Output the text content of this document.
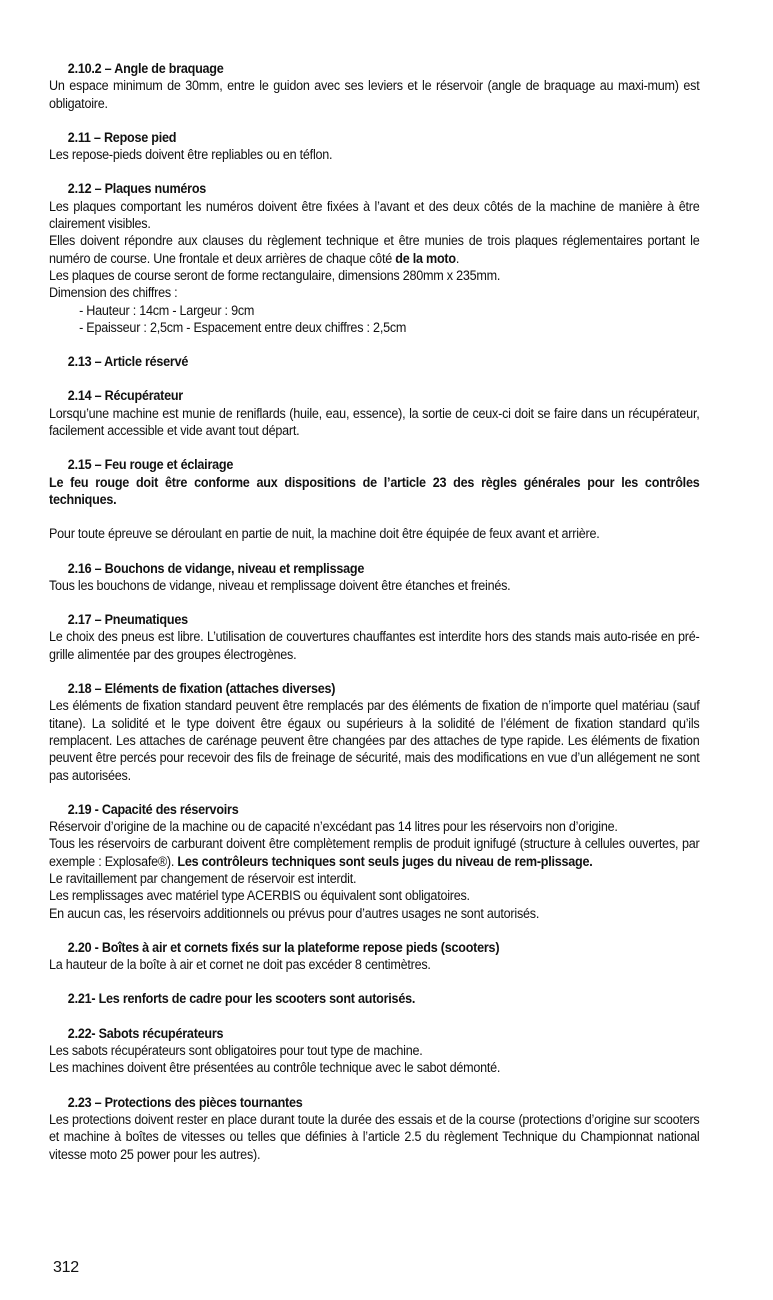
2.10.2 – Angle de braquage

Un espace minimum de 30mm, entre le guidon avec ses leviers et le réservoir (angle de braquage au maxi-mum) est obligatoire.

2.11 – Repose pied

Les repose-pieds doivent être repliables ou en téflon.

2.12 – Plaques numéros

Les plaques comportant les numéros doivent être fixées à l’avant et des deux côtés de la machine de manière à être clairement visibles.

Elles doivent répondre aux clauses du règlement technique et être munies de trois plaques réglementaires portant le numéro de course. Une frontale et deux arrières de chaque côté de la moto.

Les plaques de course seront de forme rectangulaire, dimensions 280mm x 235mm.

Dimension des chiffres :

- Hauteur : 14cm - Largeur : 9cm

- Epaisseur : 2,5cm - Espacement entre deux chiffres : 2,5cm

2.13 – Article réservé

2.14 – Récupérateur

Lorsqu’une machine est munie de reniflards (huile, eau, essence), la sortie de ceux-ci doit se faire dans un récupérateur, facilement accessible et vide avant tout départ.

2.15 – Feu rouge et éclairage

Le feu rouge doit être conforme aux dispositions de l’article 23 des règles générales pour les contrôles techniques.

Pour toute épreuve se déroulant en partie de nuit, la machine doit être équipée de feux avant et arrière.

2.16 – Bouchons de vidange, niveau et remplissage

Tous les bouchons de vidange, niveau et remplissage doivent être étanches et freinés.

2.17 – Pneumatiques

Le choix des pneus est libre. L’utilisation de couvertures chauffantes est interdite hors des stands mais auto-risée en pré-grille alimentée par des groupes électrogènes.

2.18 – Eléments de fixation (attaches diverses)

Les éléments de fixation standard peuvent être remplacés par des éléments de fixation de n’importe quel matériau (sauf titane). La solidité et le type doivent être égaux ou supérieurs à la solidité de l’élément de fixation standard qu’ils remplacent. Les attaches de carénage peuvent être changées par des attaches de type rapide. Les éléments de fixation peuvent être percés pour recevoir des fils de freinage de sécurité, mais des modifications en vue d’un allégement ne sont pas autorisées.

2.19 - Capacité des réservoirs

Réservoir d’origine de la machine ou de capacité n’excédant pas 14 litres pour les réservoirs non d’origine.

Tous les réservoirs de carburant doivent être complètement remplis de produit ignifugé (structure à cellules ouvertes, par exemple : Explosafe®). Les contrôleurs techniques sont seuls juges du niveau de rem-plissage.

Le ravitaillement par changement de réservoir est interdit.

Les remplissages avec matériel type ACERBIS ou équivalent sont obligatoires.

En aucun cas, les réservoirs additionnels ou prévus pour d’autres usages ne sont autorisés.

2.20 - Boîtes à air et cornets fixés sur la plateforme repose pieds (scooters)

La hauteur de la boîte à air et cornet ne doit pas excéder 8 centimètres.

2.21- Les renforts de cadre pour les scooters sont autorisés.

2.22- Sabots récupérateurs

Les sabots récupérateurs sont obligatoires pour tout type de machine.

Les machines doivent être présentées au contrôle technique avec le sabot démonté.

2.23 – Protections des pièces tournantes

Les protections doivent rester en place durant toute la durée des essais et de la course (protections d’origine sur scooters et machine à boîtes de vitesses ou telles que définies à l’article 2.5 du règlement Technique du Championnat national vitesse moto 25 power pour les autres).

312
